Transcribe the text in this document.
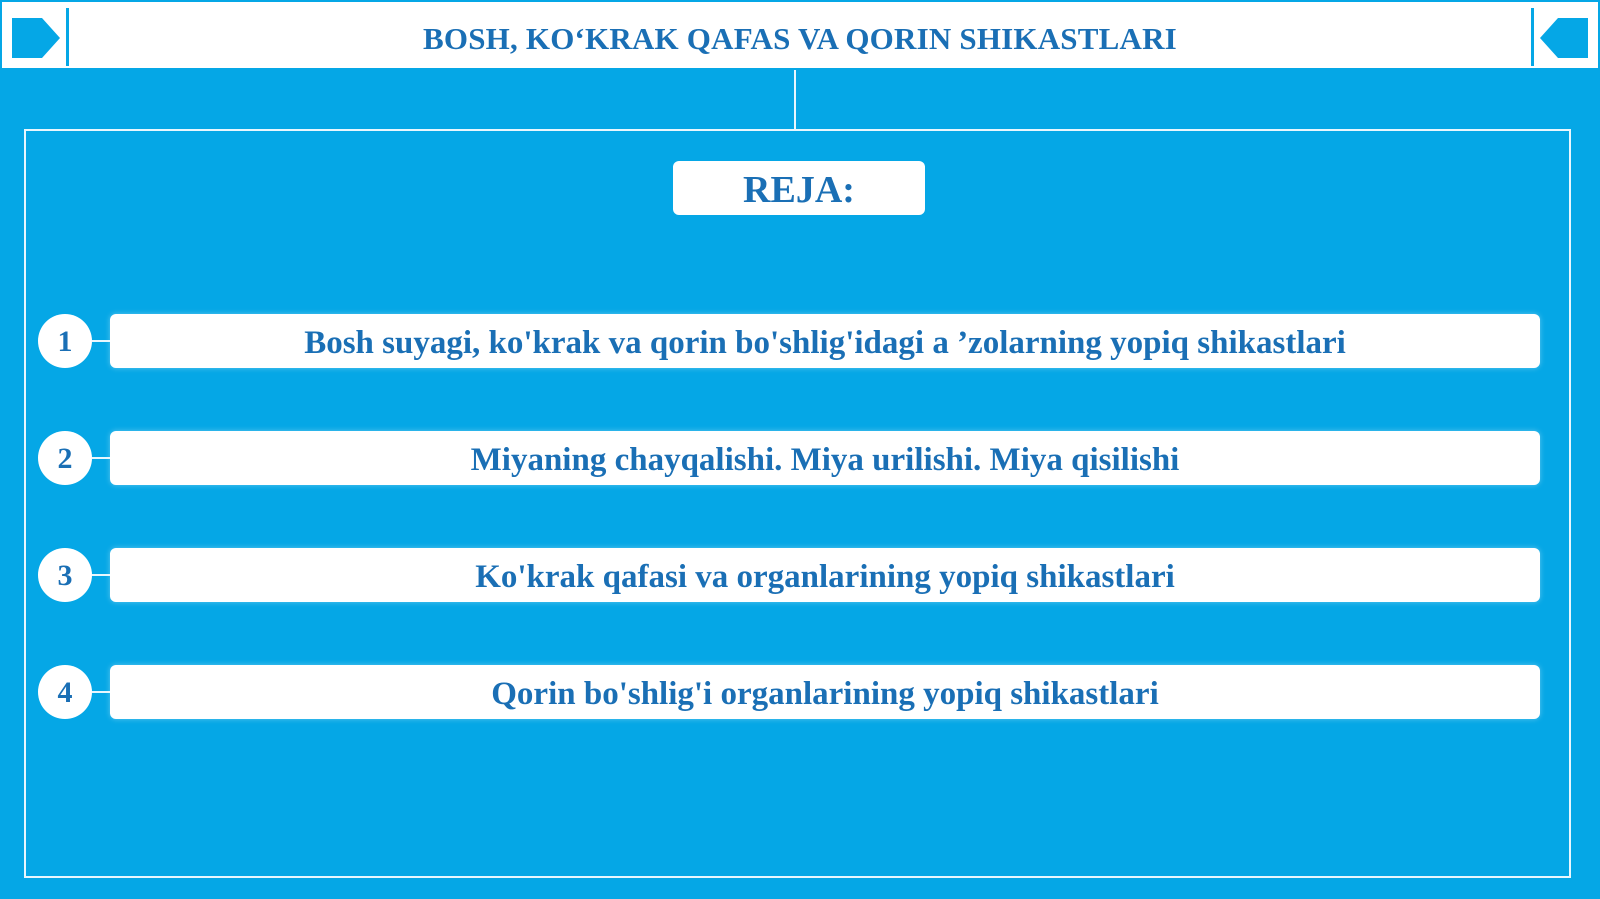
BOSH, KO‘KRAK QAFAS VA QORIN SHIKASTLARI
REJA:
1	Bosh suyagi, ko'krak va qorin bo'shlig'idagi a ’zolarning yopiq shikastlari
2	Miyaning chayqalishi. Miya urilishi. Miya qisilishi
3	Ko'krak qafasi va organlarining yopiq shikastlari
4	Qorin bo'shlig'i organlarining yopiq shikastlari
